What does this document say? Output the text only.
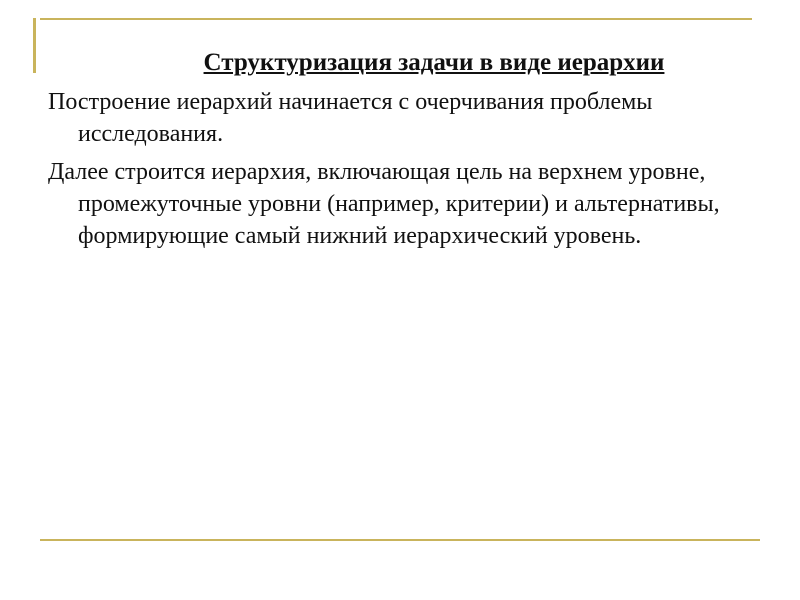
Структуризация задачи в виде иерархии

Построение иерархий начинается с очерчивания проблемы исследования.

Далее строится иерархия, включающая цель на верхнем уровне, промежуточные уровни (например, критерии) и альтернативы, формирующие самый нижний иерархический уровень.
